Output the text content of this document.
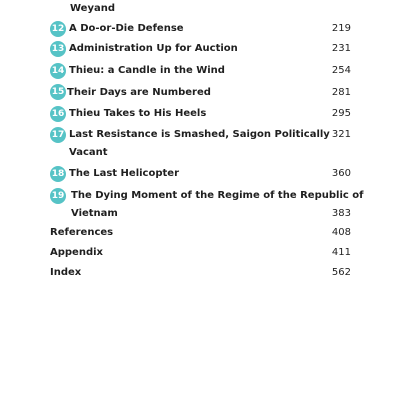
Weyand
12 A Do-or-Die Defense	219
13 Administration Up for Auction	231
14 Thieu: a Candle in the Wind	254
15 Their Days are Numbered	281
16 Thieu Takes to His Heels	295
17 Last Resistance is Smashed, Saigon Politically
Vacant
321
18 The Last Helicopter	360
19 The Dying Moment of the Regime of the Republic of
Vietnam	383
References	408
Appendix	411
Index	562
